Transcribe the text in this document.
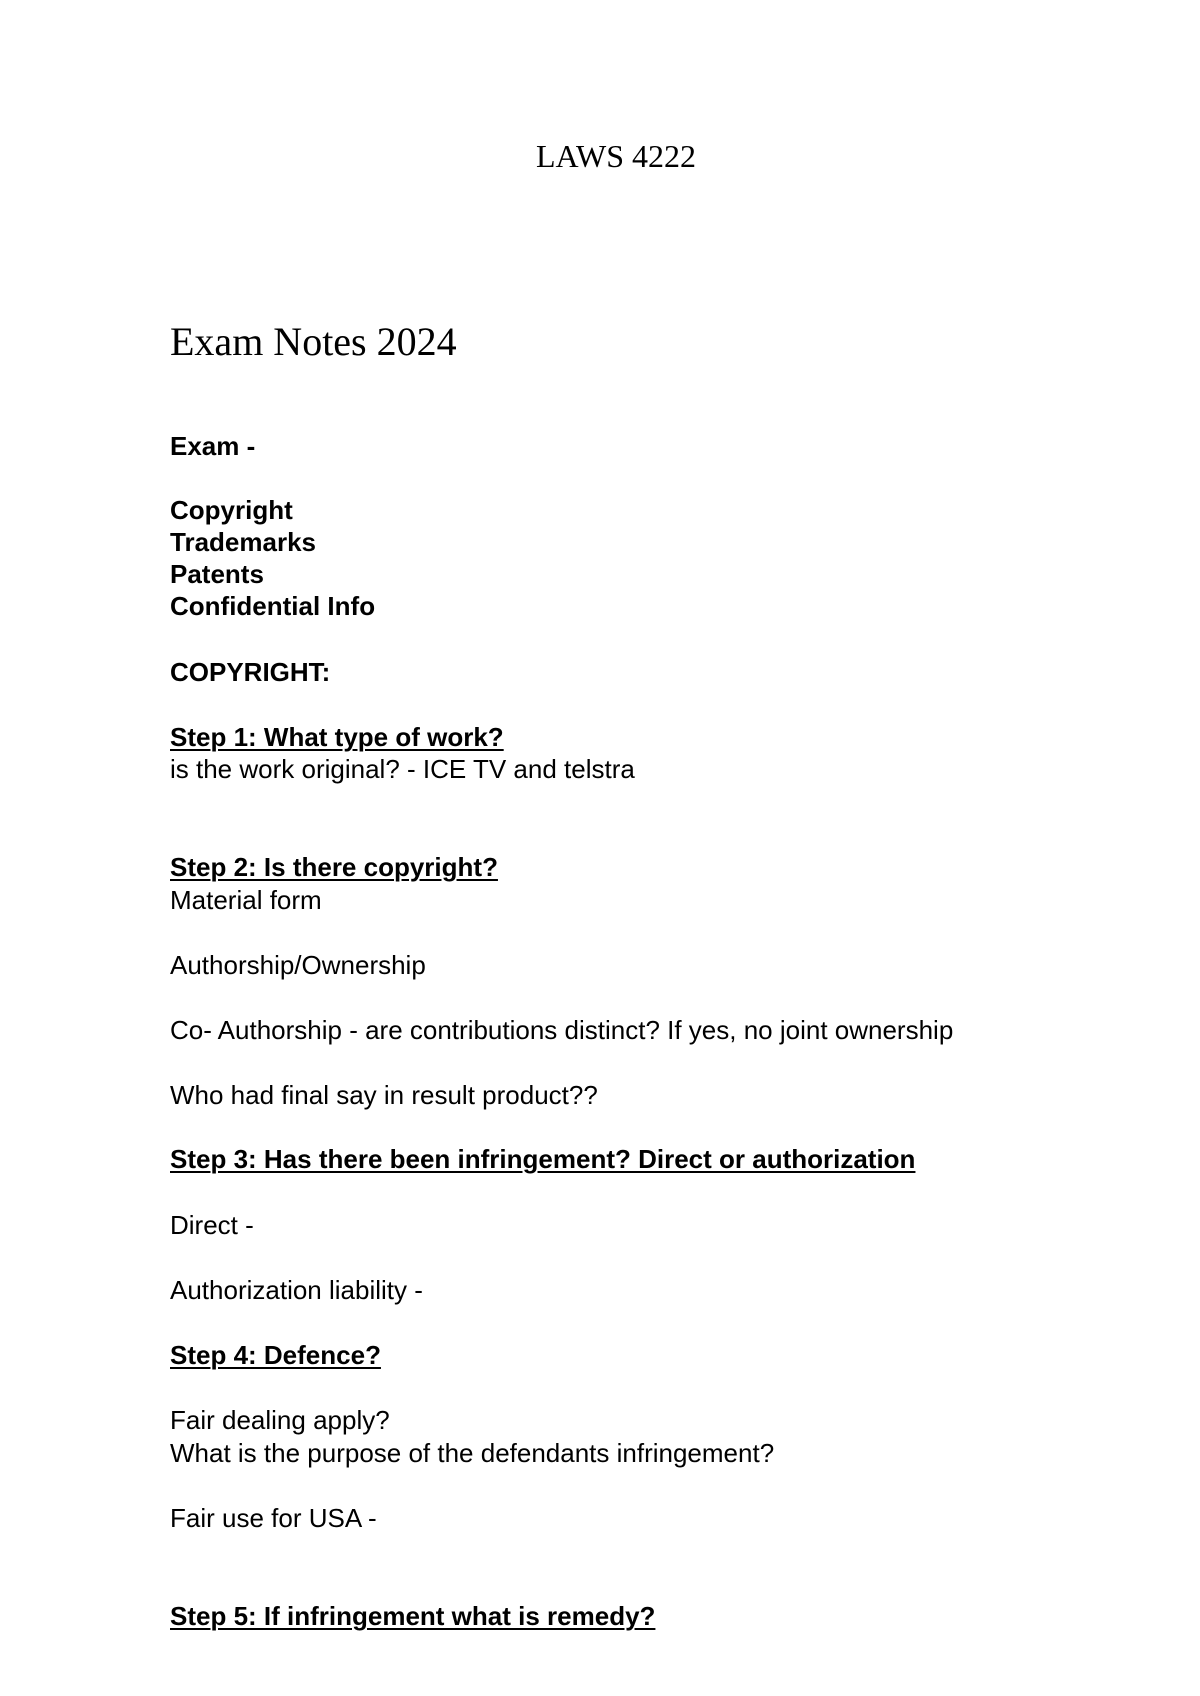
LAWS 4222
Exam Notes 2024
Exam -
Copyright
Trademarks
Patents
Confidential Info
COPYRIGHT:
Step 1: What type of work?
is the work original? - ICE TV and telstra
Step 2: Is there copyright?
Material form
Authorship/Ownership
Co- Authorship - are contributions distinct? If yes, no joint ownership
Who had final say in result product??
Step 3: Has there been infringement? Direct or authorization
Direct -
Authorization liability -
Step 4: Defence?
Fair dealing apply?
What is the purpose of the defendants infringement?
Fair use for USA -
Step 5: If infringement what is remedy?
